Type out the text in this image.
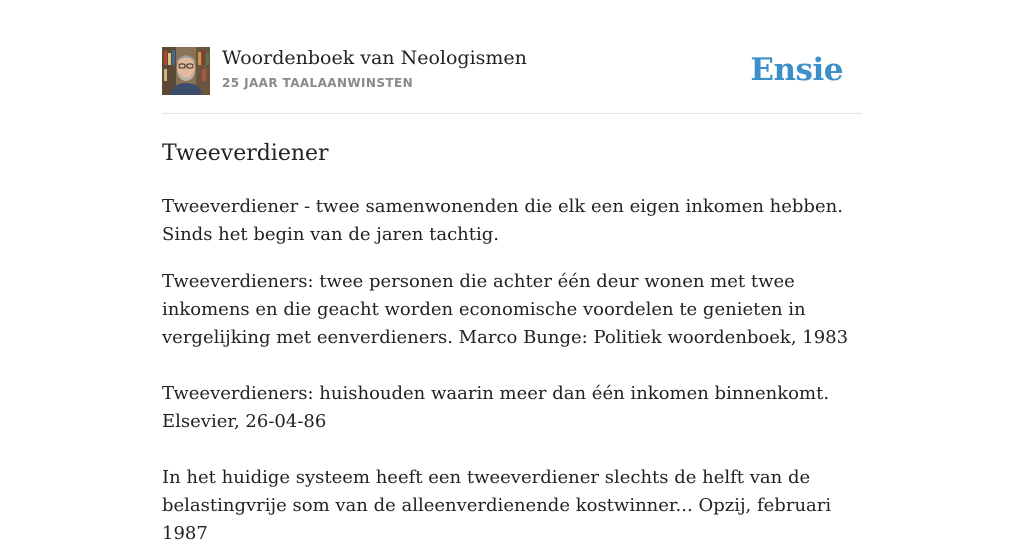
Woordenboek van Neologismen
25 JAAR TAALAANWINSTEN	Ensie
Tweeverdiener

Tweeverdiener - twee samenwonenden die elk een eigen inkomen hebben. Sinds het begin van de jaren tachtig.

Tweeverdieners: twee personen die achter één deur wonen met twee inkomens en die geacht worden economische voordelen te genieten in vergelijking met eenverdieners. Marco Bunge: Politiek woordenboek, 1983

Tweeverdieners: huishouden waarin meer dan één inkomen binnenkomt.
Elsevier, 26-04-86

In het huidige systeem heeft een tweeverdiener slechts de helft van de belastingvrije som van de alleenverdienende kostwinner... Opzij, februari 1987
